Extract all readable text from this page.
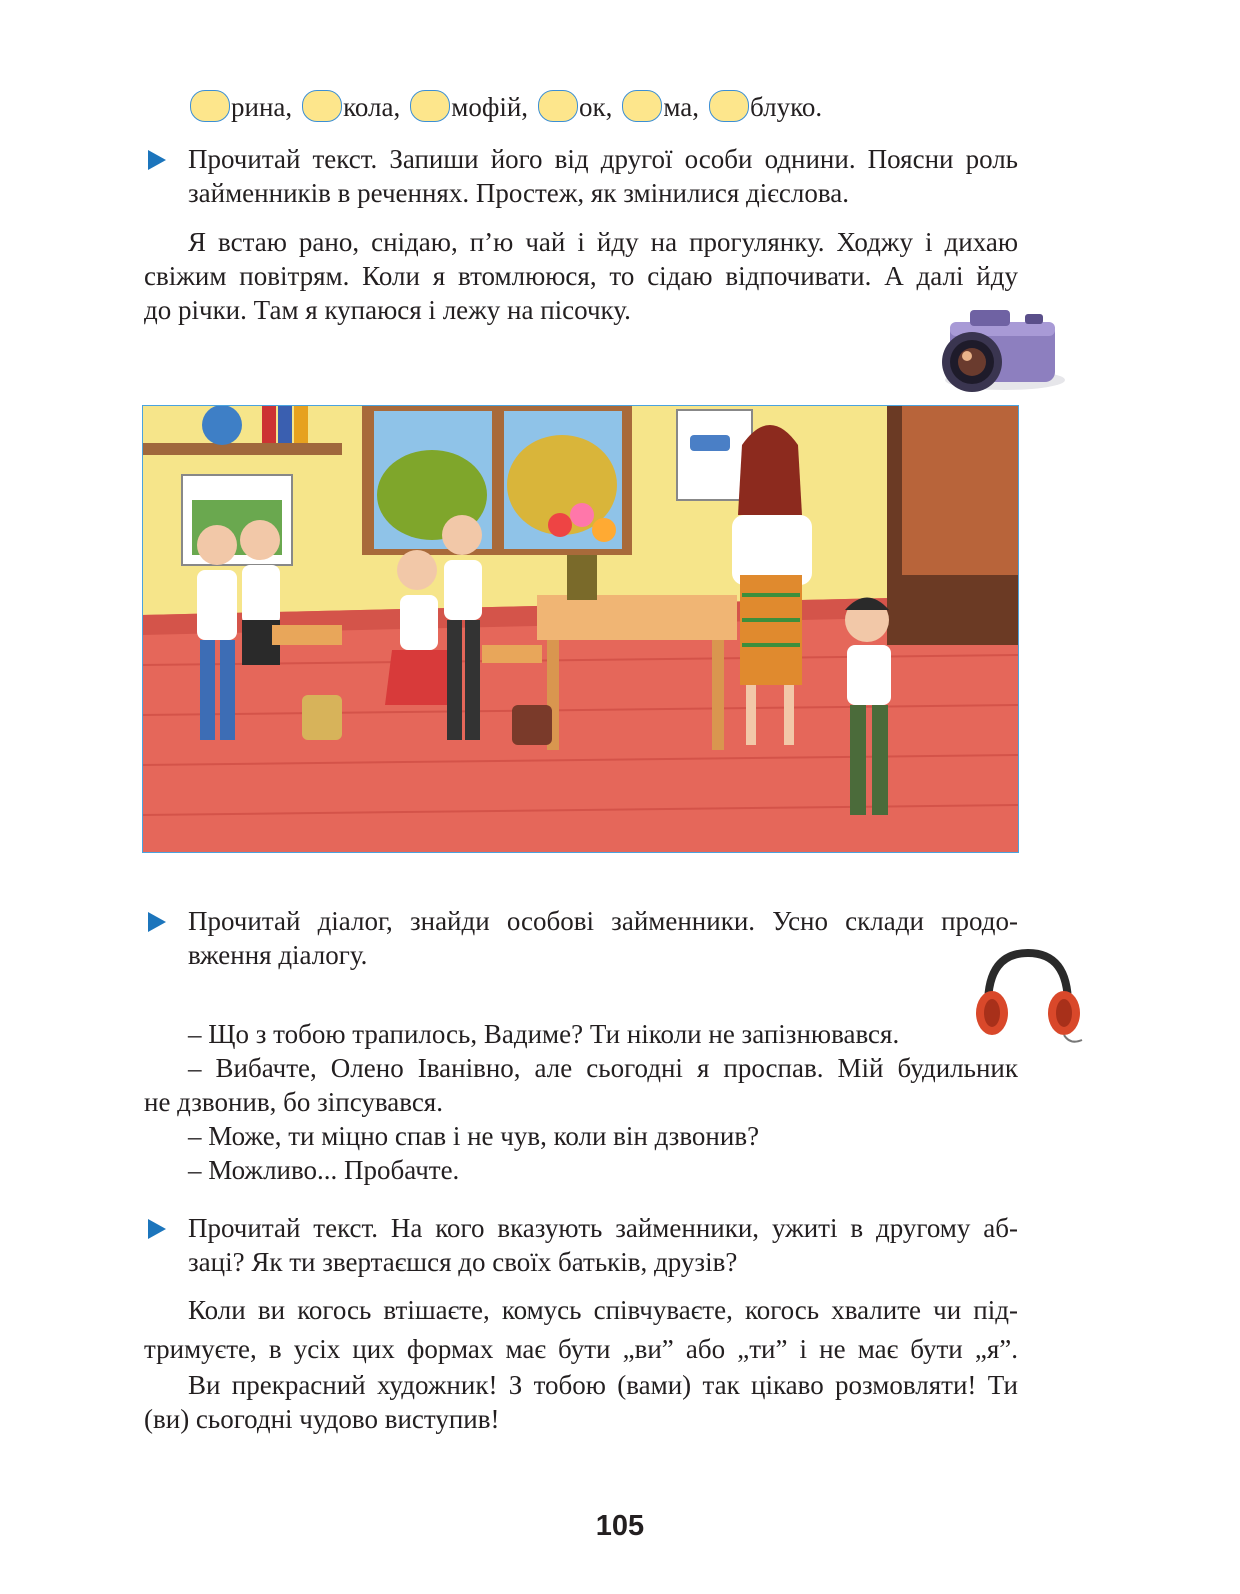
рина, кола, мофій, ок, ма, блуко.
Прочитай текст. Запиши його від другої особи однини. Поясни роль
займенників в реченнях. Простеж, як змінилися дієслова.
Я встаю рано, снідаю, п’ю чай і йду на прогулянку. Ходжу і дихаю
свіжим повітрям. Коли я втомлююся, то сідаю відпочивати. А далі йду
до річки. Там я купаюся і лежу на пісочку.
Прочитай діалог, знайди особові займенники. Усно склади продо-
вження діалогу.
– Що з тобою трапилось, Вадиме? Ти ніколи не запізнювався.
– Вибачте, Олено Іванівно, але сьогодні я проспав. Мій будильник
не дзвонив, бо зіпсувався.
– Може, ти міцно спав і не чув, коли він дзвонив?
– Можливо... Пробачте.
Прочитай текст. На кого вказують займенники, ужиті в другому аб-
заці? Як ти звертаєшся до своїх батьків, друзів?
Коли ви когось втішаєте, комусь співчуваєте, когось хвалите чи під-
тримуєте, в усіх цих формах має бути „ви” або „ти” і не має бути „я”.
Ви прекрасний художник! З тобою (вами) так цікаво розмовляти! Ти
(ви) сьогодні чудово виступив!
105
